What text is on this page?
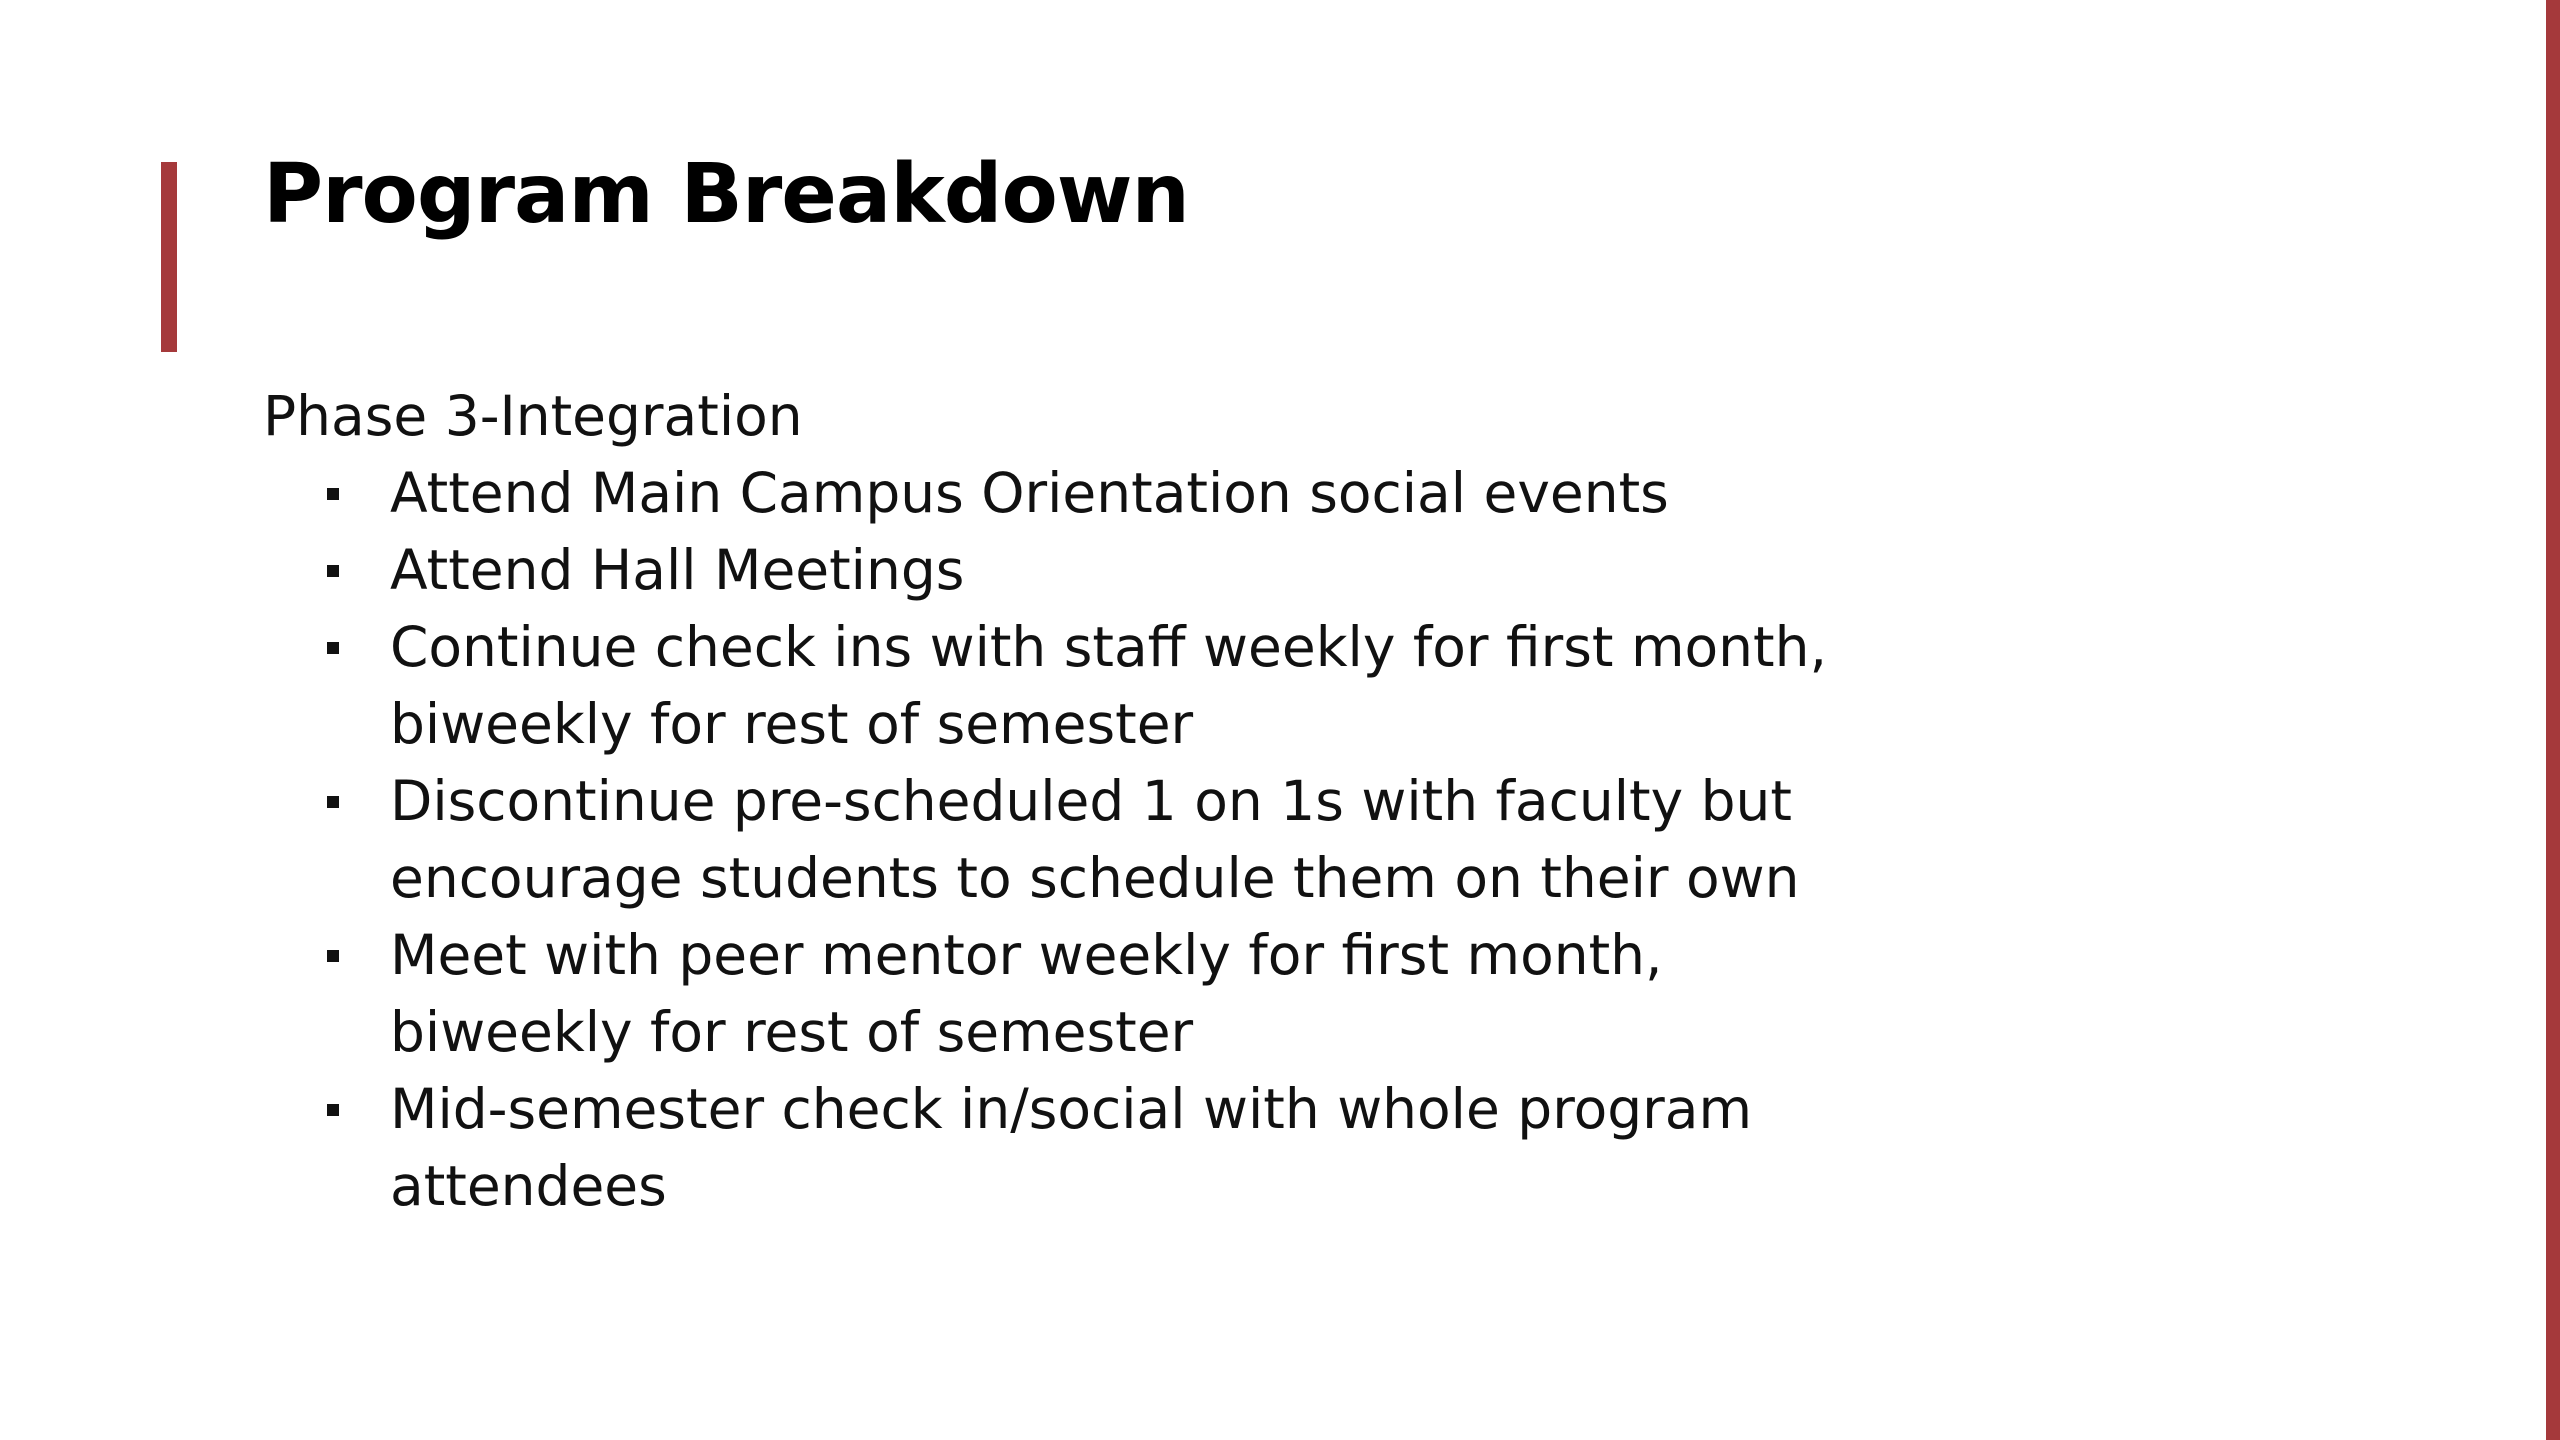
Program Breakdown

Phase 3-Integration

Attend Main Campus Orientation social events
Attend Hall Meetings
Continue check ins with staff weekly for first month, biweekly for rest of semester
Discontinue pre-scheduled 1 on 1s with faculty but encourage students to schedule them on their own
Meet with peer mentor weekly for first month, biweekly for rest of semester
Mid-semester check in/social with whole program attendees
